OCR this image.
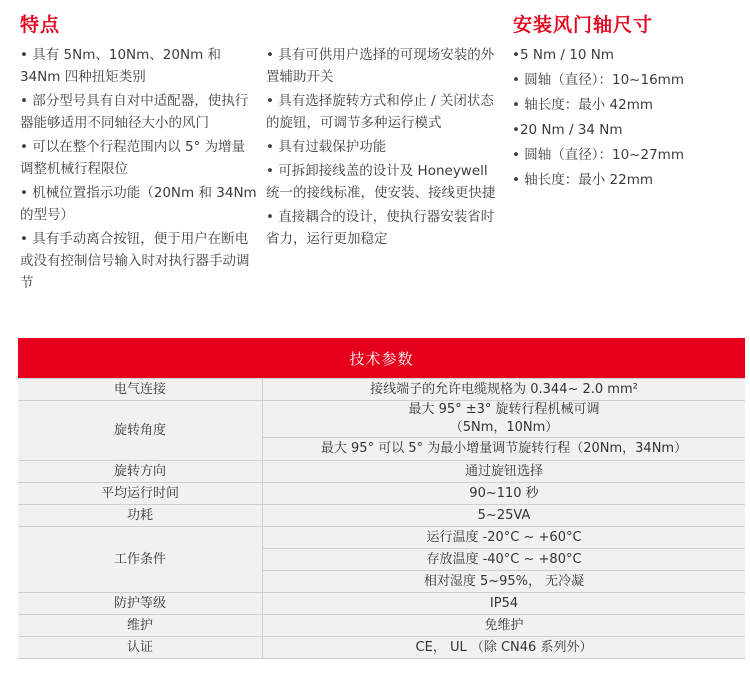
特点	安装风门轴尺寸

• 具有 5Nm、10Nm、20Nm 和 34Nm 四种扭矩类别

• 部分型号具有自对中适配器，使执行器能够适用不同轴径大小的风门

• 可以在整个行程范围内以 5° 为增量调整机械行程限位

• 机械位置指示功能（20Nm 和 34Nm 的型号）

• 具有手动离合按钮，便于用户在断电或没有控制信号输入时对执行器手动调节

• 具有可供用户选择的可现场安装的外置辅助开关

• 具有选择旋转方式和停止 / 关闭状态的旋钮，可调节多种运行模式

• 具有过载保护功能

• 可拆卸接线盖的设计及 Honeywell 统一的接线标准，使安装、接线更快捷

• 直接耦合的设计，使执行器安装省时省力，运行更加稳定

•5 Nm / 10 Nm

• 圆轴（直径）：10~16mm

• 轴长度：最小 42mm

•20 Nm / 34 Nm

• 圆轴（直径）：10~27mm

• 轴长度：最小 22mm

技术参数	
电气连接	接线端子的允许电缆规格为 0.344~ 2.0 mm²
旋转角度	最大 95° ±3° 旋转行程机械可调
（5Nm，10Nm）

	最大 95° 可以 5° 为最小增量调节旋转行程（20Nm，34Nm）
旋转方向	通过旋钮选择
平均运行时间	90~110 秒
功耗	5~25VA
工作条件	运行温度 -20°C ~ +60°C
	存放温度 -40°C ~ +80°C
	相对湿度 5~95%， 无冷凝
防护等级	IP54
维护	免维护
认证	CE， UL （除 CN46 系列外）
